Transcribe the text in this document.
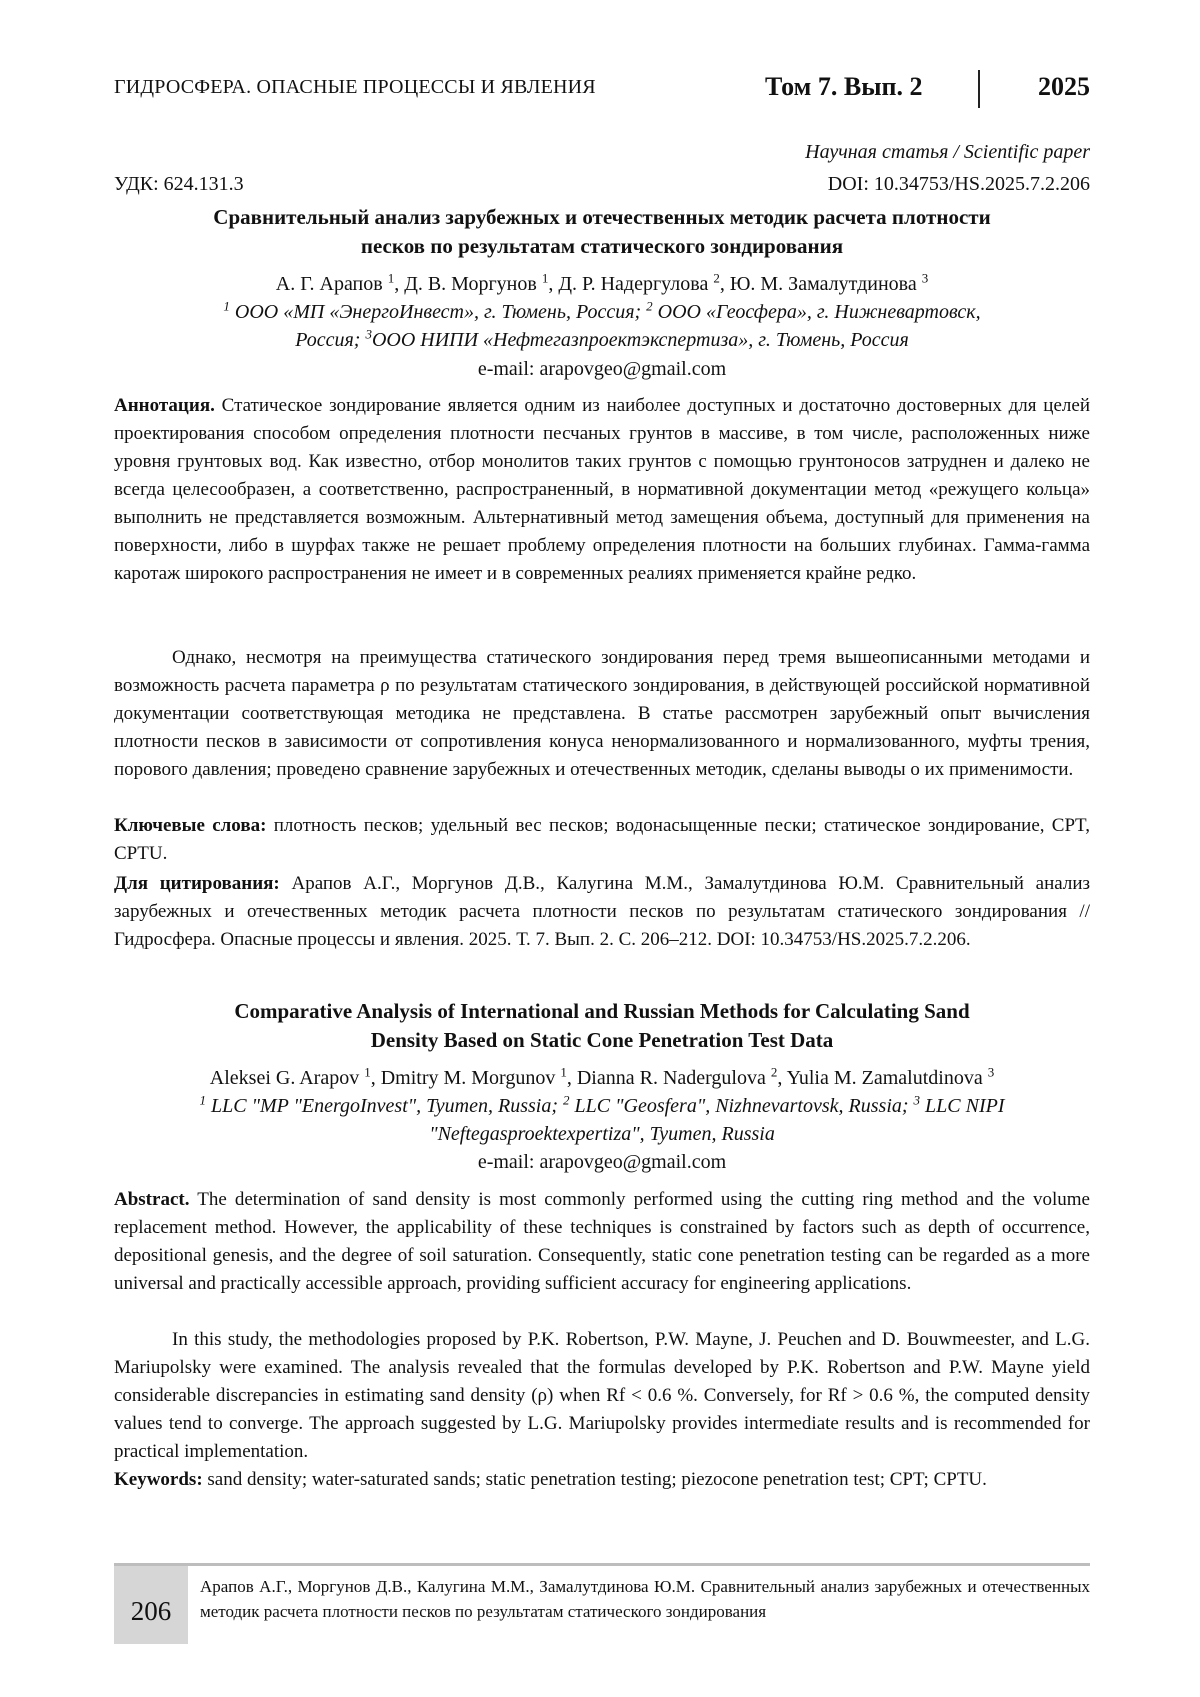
ГИДРОСФЕРА. ОПАСНЫЕ ПРОЦЕССЫ И ЯВЛЕНИЯ	Том 7. Вып. 2	2025
Научная статья / Scientific paper
УДК: 624.131.3	DOI: 10.34753/HS.2025.7.2.206
Сравнительный анализ зарубежных и отечественных методик расчета плотности
песков по результатам статического зондирования
А. Г. Арапов $^1$, Д. В. Моргунов $^1$, Д. Р. Надергулова $^2$, Ю. М. Замалутдинова $^3$
$^1$ ООО «МП «ЭнергоИнвест», г. Тюмень, Россия; $^2$ ООО «Геосфера», г. Нижневартовск,
Россия; $^3$ООО НИПИ «Нефтегазпроектэкспертиза», г. Тюмень, Россия
e-mail: arapovgeo@gmail.com
Аннотация. Статическое зондирование является одним из наиболее доступных и достаточно достоверных для целей проектирования способом определения плотности песчаных грунтов в массиве, в том числе, расположенных ниже уровня грунтовых вод. Как известно, отбор монолитов таких грунтов с помощью грунтоносов затруднен и далеко не всегда целесообразен, а соответственно, распространенный, в нормативной документации метод «режущего кольца» выполнить не представляется возможным. Альтернативный метод замещения объема, доступный для применения на поверхности, либо в шурфах также не решает проблему определения плотности на больших глубинах. Гамма-гамма каротаж широкого распространения не имеет и в современных реалиях применяется крайне редко.
Однако, несмотря на преимущества статического зондирования перед тремя вышеописанными методами и возможность расчета параметра ρ по результатам статического зондирования, в действующей российской нормативной документации соответствующая методика не представлена. В статье рассмотрен зарубежный опыт вычисления плотности песков в зависимости от сопротивления конуса ненормализованного и нормализованного, муфты трения, порового давления; проведено сравнение зарубежных и отечественных методик, сделаны выводы о их применимости.
Ключевые слова: плотность песков; удельный вес песков; водонасыщенные пески; статическое зондирование, CPT, CPTU.
Для цитирования: Арапов А.Г., Моргунов Д.В., Калугина М.М., Замалутдинова Ю.М. Сравнительный анализ зарубежных и отечественных методик расчета плотности песков по результатам статического зондирования // Гидросфера. Опасные процессы и явления. 2025. Т. 7. Вып. 2. С. 206–212. DOI: 10.34753/HS.2025.7.2.206.
Comparative Analysis of International and Russian Methods for Calculating Sand
Density Based on Static Cone Penetration Test Data
Aleksei G. Arapov $^1$, Dmitry M. Morgunov $^1$, Dianna R. Nadergulova $^2$, Yulia M. Zamalutdinova $^3$
$^1$ LLC "MP "EnergoInvest", Tyumen, Russia; $^2$ LLC "Geosfera", Nizhnevartovsk, Russia; $^3$ LLC NIPI
"Neftegasproektexpertiza", Tyumen, Russia
e-mail: arapovgeo@gmail.com
Abstract. The determination of sand density is most commonly performed using the cutting ring method and the volume replacement method. However, the applicability of these techniques is constrained by factors such as depth of occurrence, depositional genesis, and the degree of soil saturation. Consequently, static cone penetration testing can be regarded as a more universal and practically accessible approach, providing sufficient accuracy for engineering applications.
In this study, the methodologies proposed by P.K. Robertson, P.W. Mayne, J. Peuchen and D. Bouwmeester, and L.G. Mariupolsky were examined. The analysis revealed that the formulas developed by P.K. Robertson and P.W. Mayne yield considerable discrepancies in estimating sand density (ρ) when Rf < 0.6 %. Conversely, for Rf > 0.6 %, the computed density values tend to converge. The approach suggested by L.G. Mariupolsky provides intermediate results and is recommended for practical implementation.
Keywords: sand density; water-saturated sands; static penetration testing; piezocone penetration test; CPT; CPTU.
206
Арапов А.Г., Моргунов Д.В., Калугина М.М., Замалутдинова Ю.М. Сравнительный анализ зарубежных и отечественных методик расчета плотности песков по результатам статического зондирования
